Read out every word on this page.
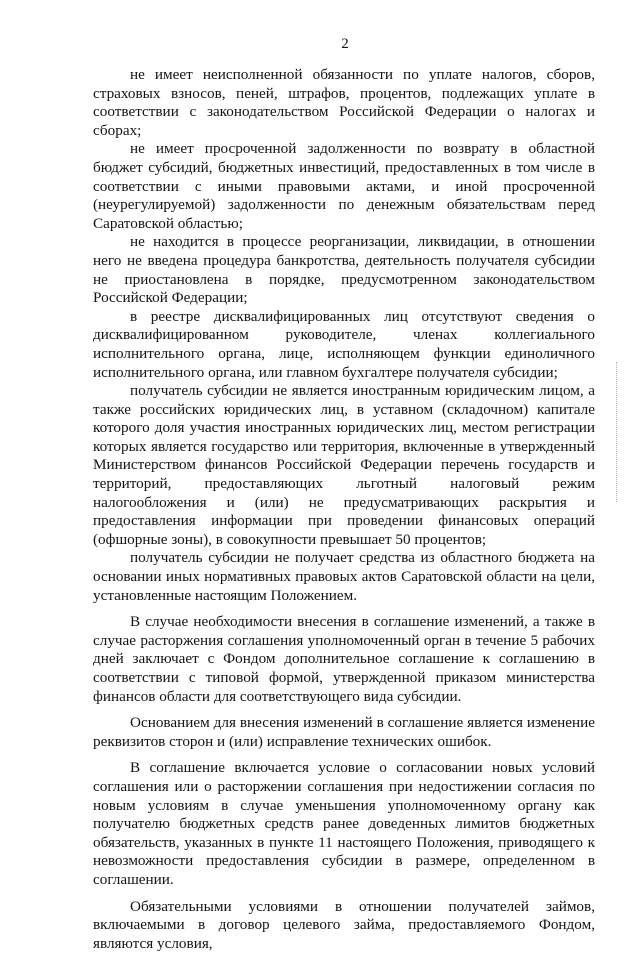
2

не имеет неисполненной обязанности по уплате налогов, сборов, страховых взносов, пеней, штрафов, процентов, подлежащих уплате в соответствии с законодательством Российской Федерации о налогах и сборах;

не имеет просроченной задолженности по возврату в областной бюджет субсидий, бюджетных инвестиций, предоставленных в том числе в соответствии с иными правовыми актами, и иной просроченной (неурегулируемой) задолженности по денежным обязательствам перед Саратовской областью;

не находится в процессе реорганизации, ликвидации, в отношении него не введена процедура банкротства, деятельность получателя субсидии не приостановлена в порядке, предусмотренном законодательством Российской Федерации;

в реестре дисквалифицированных лиц отсутствуют сведения о дисквалифицированном руководителе, членах коллегиального исполнительного органа, лице, исполняющем функции единоличного исполнительного органа, или главном бухгалтере получателя субсидии;

получатель субсидии не является иностранным юридическим лицом, а также российских юридических лиц, в уставном (складочном) капитале которого доля участия иностранных юридических лиц, местом регистрации которых является государство или территория, включенные в утвержденный Министерством финансов Российской Федерации перечень государств и территорий, предоставляющих льготный налоговый режим налогообложения и (или) не предусматривающих раскрытия и предоставления информации при проведении финансовых операций (офшорные зоны), в совокупности превышает 50 процентов;

получатель субсидии не получает средства из областного бюджета на основании иных нормативных правовых актов Саратовской области на цели, установленные настоящим Положением.

В случае необходимости внесения в соглашение изменений, а также в случае расторжения соглашения уполномоченный орган в течение 5 рабочих дней заключает с Фондом дополнительное соглашение к соглашению в соответствии с типовой формой, утвержденной приказом министерства финансов области для соответствующего вида субсидии.

Основанием для внесения изменений в соглашение является изменение реквизитов сторон и (или) исправление технических ошибок.

В соглашение включается условие о согласовании новых условий соглашения или о расторжении соглашения при недостижении согласия по новым условиям в случае уменьшения уполномоченному органу как получателю бюджетных средств ранее доведенных лимитов бюджетных обязательств, указанных в пункте 11 настоящего Положения, приводящего к невозможности предоставления субсидии в размере, определенном в соглашении.

Обязательными условиями в отношении получателей займов, включаемыми в договор целевого займа, предоставляемого Фондом, являются условия,
